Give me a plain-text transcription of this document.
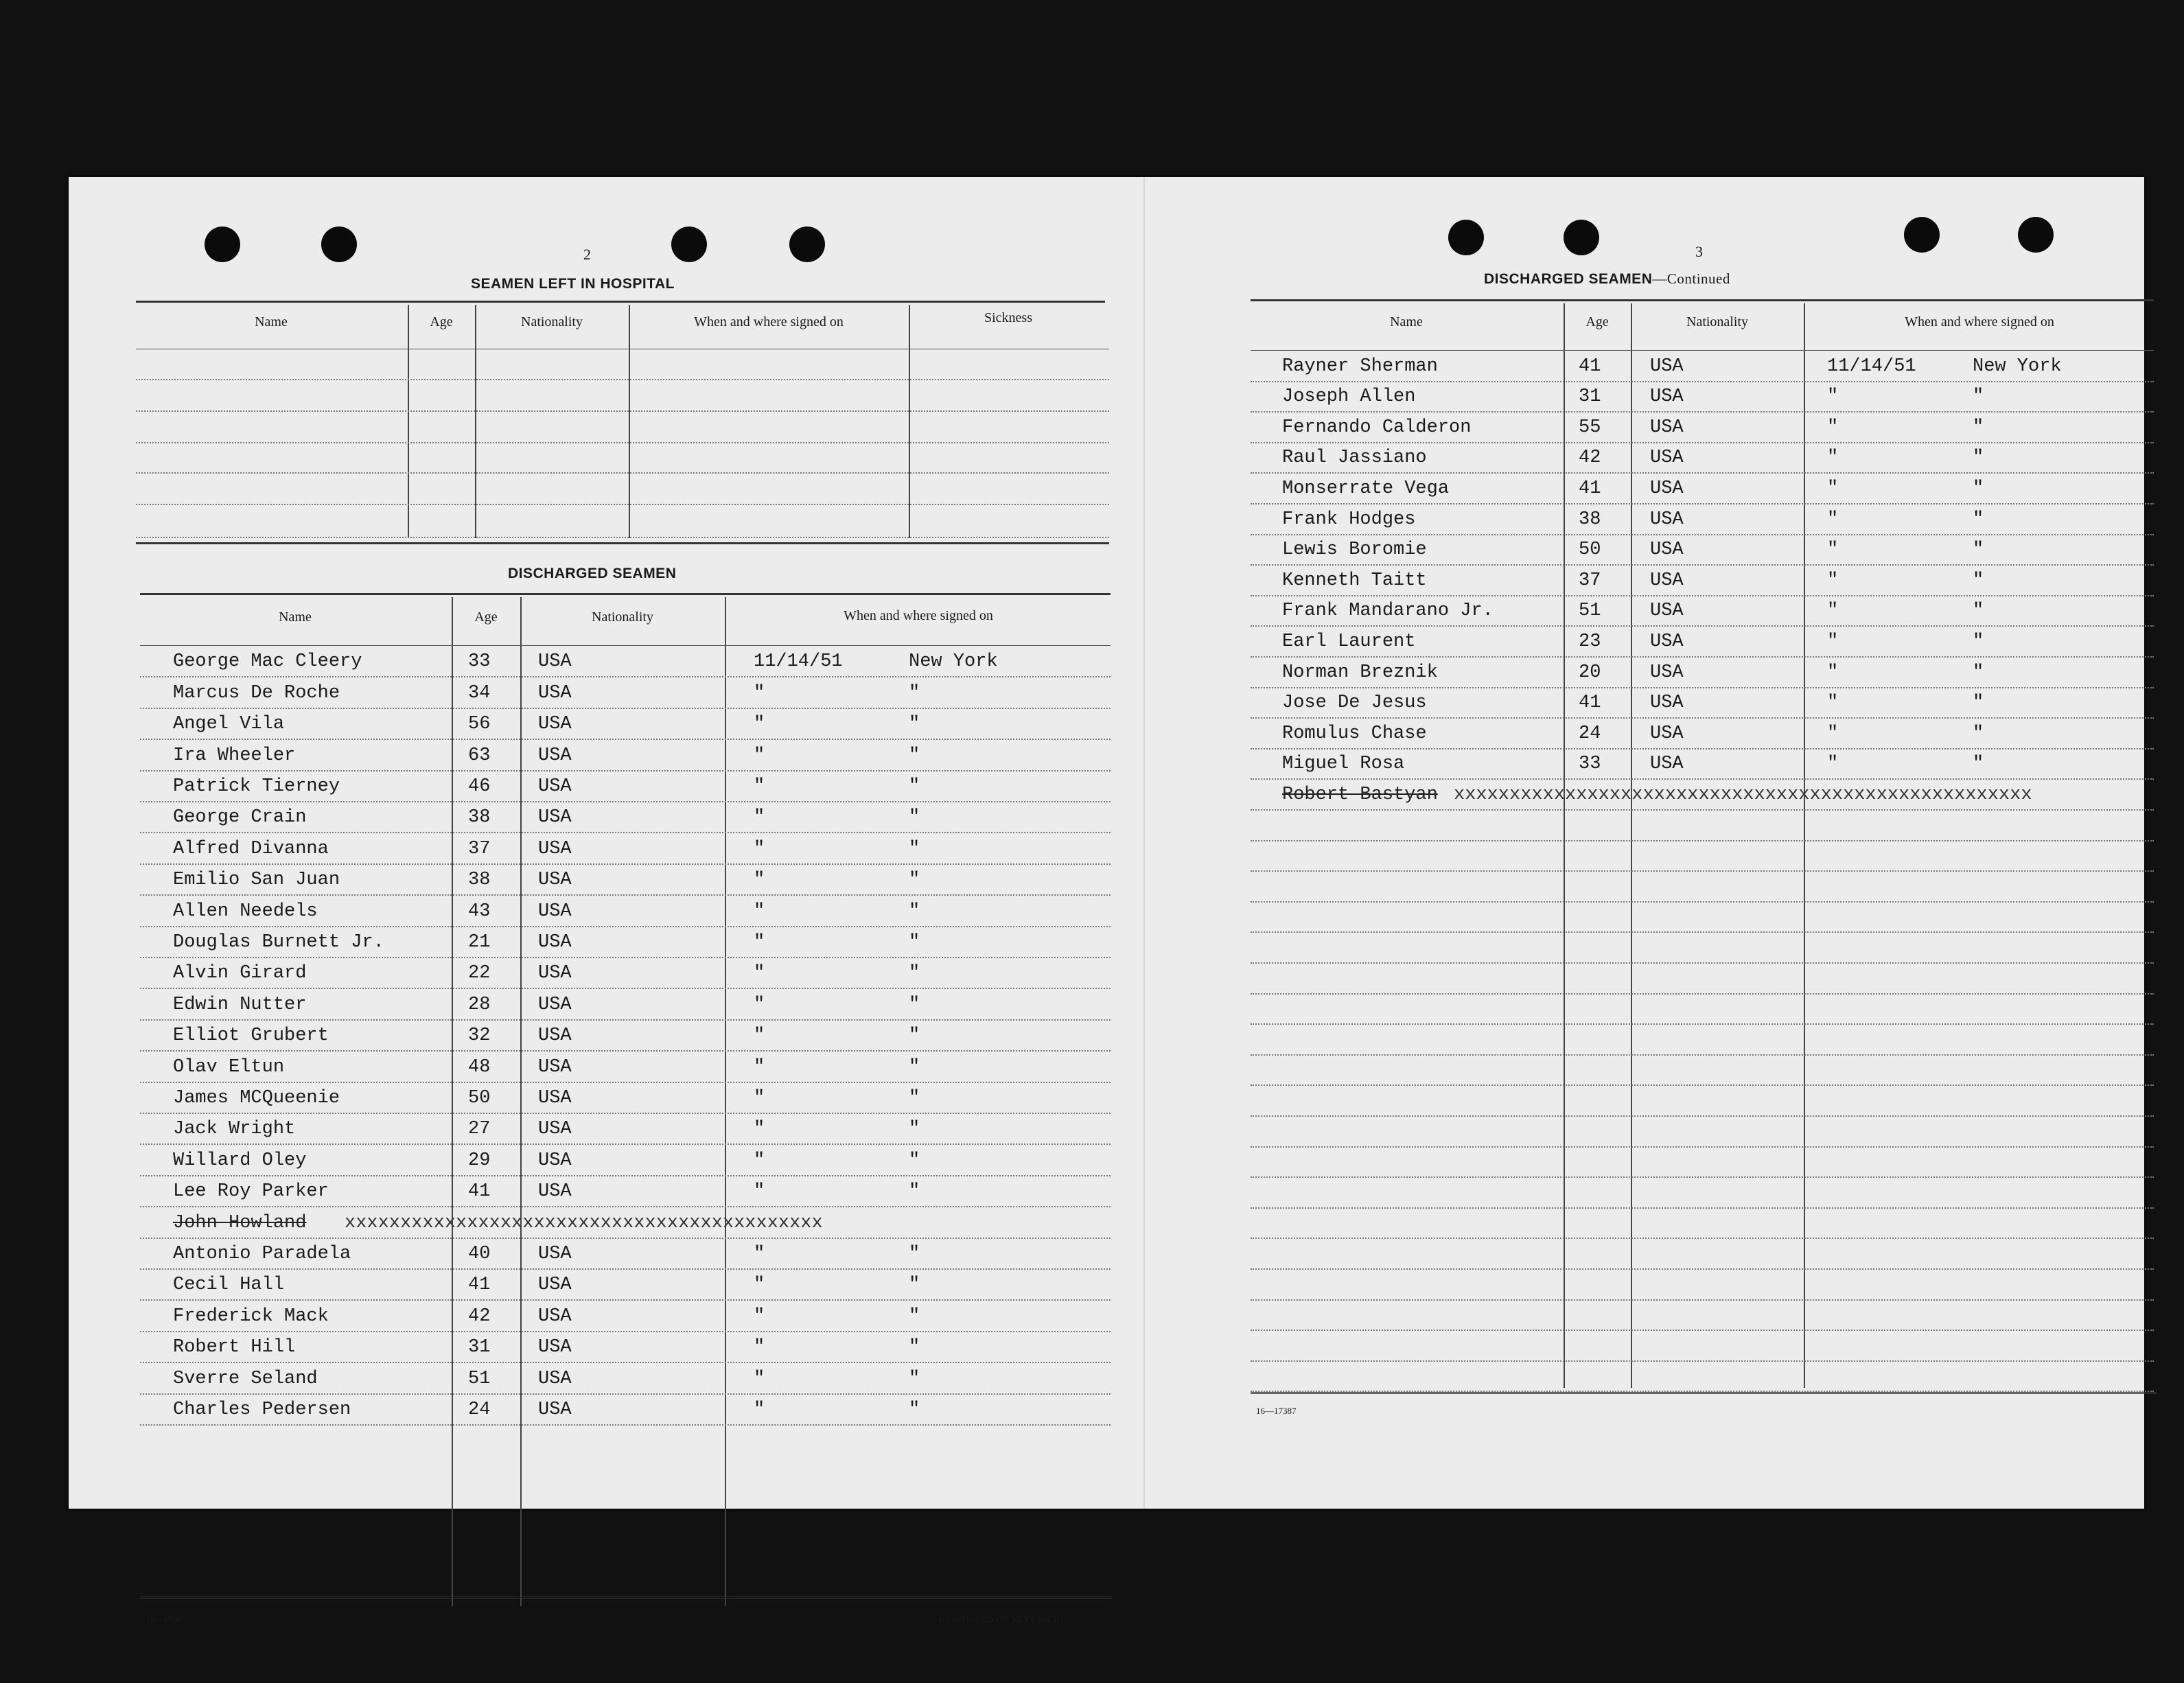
2
SEAMEN LEFT IN HOSPITAL
Name	Age	Nationality	When and where signed on	Sickness
DISCHARGED SEAMEN
Name	Age	Nationality	When and where signed on
George Mac Cleery	33	USA	11/14/51	New York
Marcus De Roche	34	USA	"	"
Angel Vila	56	USA	"	"
Ira Wheeler	63	USA	"	"
Patrick Tierney	46	USA	"	"
George Crain	38	USA	"	"
Alfred Divanna	37	USA	"	"
Emilio San Juan	38	USA	"	"
Allen Needels	43	USA	"	"
Douglas Burnett Jr.	21	USA	"	"
Alvin Girard	22	USA	"	"
Edwin Nutter	28	USA	"	"
Elliot Grubert	32	USA	"	"
Olav Eltun	48	USA	"	"
James MCQueenie	50	USA	"	"
Jack Wright	27	USA	"	"
Willard Oley	29	USA	"	"
Lee Roy Parker	41	USA	"	"
John Howland xxxxxxxxxxxxxxxxxxxxxxxxxxxxxxxxxxxxxxxxxxx
Antonio Paradela	40	USA	"	"
Cecil Hall	41	USA	"	"
Frederick Mack	42	USA	"	"
Robert Hill	31	USA	"	"
Sverre Seland	51	USA	"	"
Charles Pedersen	24	USA	"	"
16—17387	[CONTINUED ON NEXT PAGE]
3
DISCHARGED SEAMEN—Continued
Name	Age	Nationality	When and where signed on
Rayner Sherman	41	USA	11/14/51	New York
Joseph Allen	31	USA	"	"
Fernando Calderon	55	USA	"	"
Raul Jassiano	42	USA	"	"
Monserrate Vega	41	USA	"	"
Frank Hodges	38	USA	"	"
Lewis Boromie	50	USA	"	"
Kenneth Taitt	37	USA	"	"
Frank Mandarano Jr.	51	USA	"	"
Earl Laurent	23	USA	"	"
Norman Breznik	20	USA	"	"
Jose De Jesus	41	USA	"	"
Romulus Chase	24	USA	"	"
Miguel Rosa	33	USA	"	"
Robert Bastyan xxxxxxxxxxxxxxxxxxxxxxxxxxxxxxxxxxxxxxxxxxxxxxxxxxxx
16—17387
